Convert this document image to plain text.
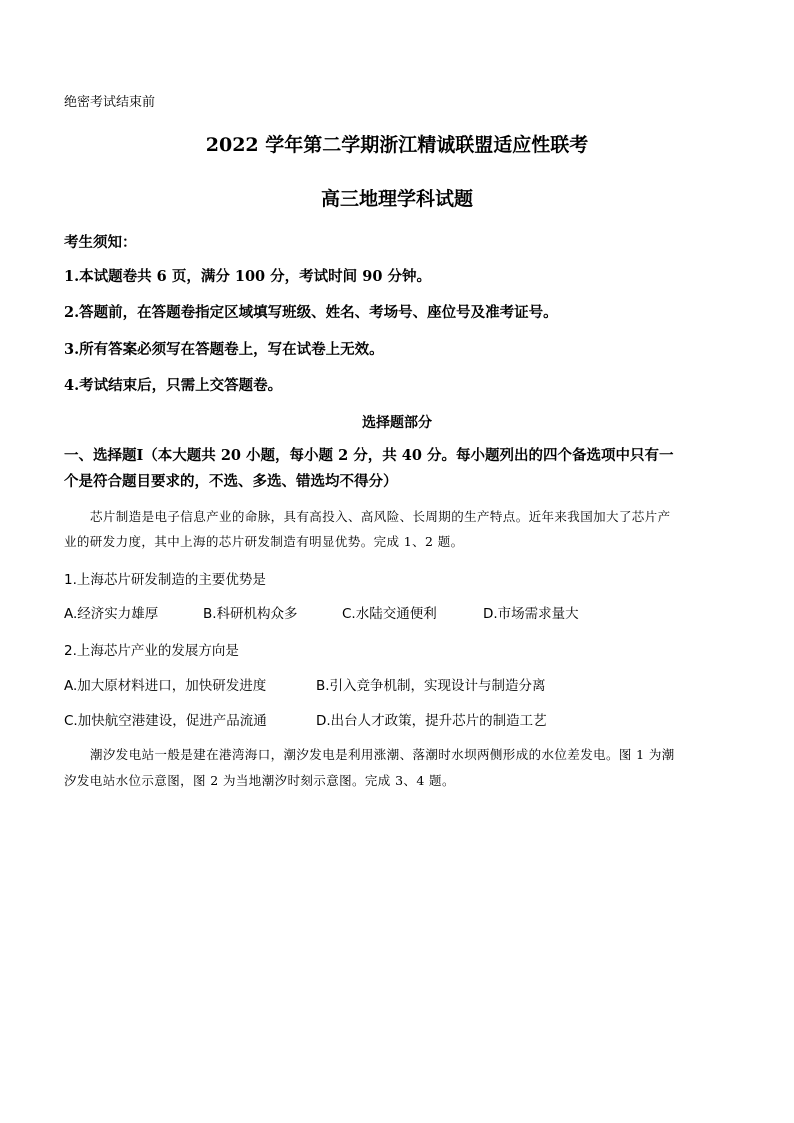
绝密考试结束前
2022 学年第二学期浙江精诚联盟适应性联考
高三地理学科试题
考生须知：
1.本试题卷共 6 页，满分 100 分，考试时间 90 分钟。
2.答题前，在答题卷指定区域填写班级、姓名、考场号、座位号及准考证号。
3.所有答案必须写在答题卷上，写在试卷上无效。
4.考试结束后，只需上交答题卷。
选择题部分
一、选择题Ⅰ（本大题共 20 小题，每小题 2 分，共 40 分。每小题列出的四个备选项中只有一
个是符合题目要求的，不选、多选、错选均不得分）
芯片制造是电子信息产业的命脉，具有高投入、高风险、长周期的生产特点。近年来我国加大了芯片产
业的研发力度，其中上海的芯片研发制造有明显优势。完成 1、2 题。
1.上海芯片研发制造的主要优势是
A.经济实力雄厚	B.科研机构众多	C.水陆交通便利	D.市场需求量大
2.上海芯片产业的发展方向是
A.加大原材料进口，加快研发进度	B.引入竞争机制，实现设计与制造分离
C.加快航空港建设，促进产品流通	D.出台人才政策，提升芯片的制造工艺
潮汐发电站一般是建在港湾海口，潮汐发电是利用涨潮、落潮时水坝两侧形成的水位差发电。图 1 为潮
汐发电站水位示意图，图 2 为当地潮汐时刻示意图。完成 3、4 题。
